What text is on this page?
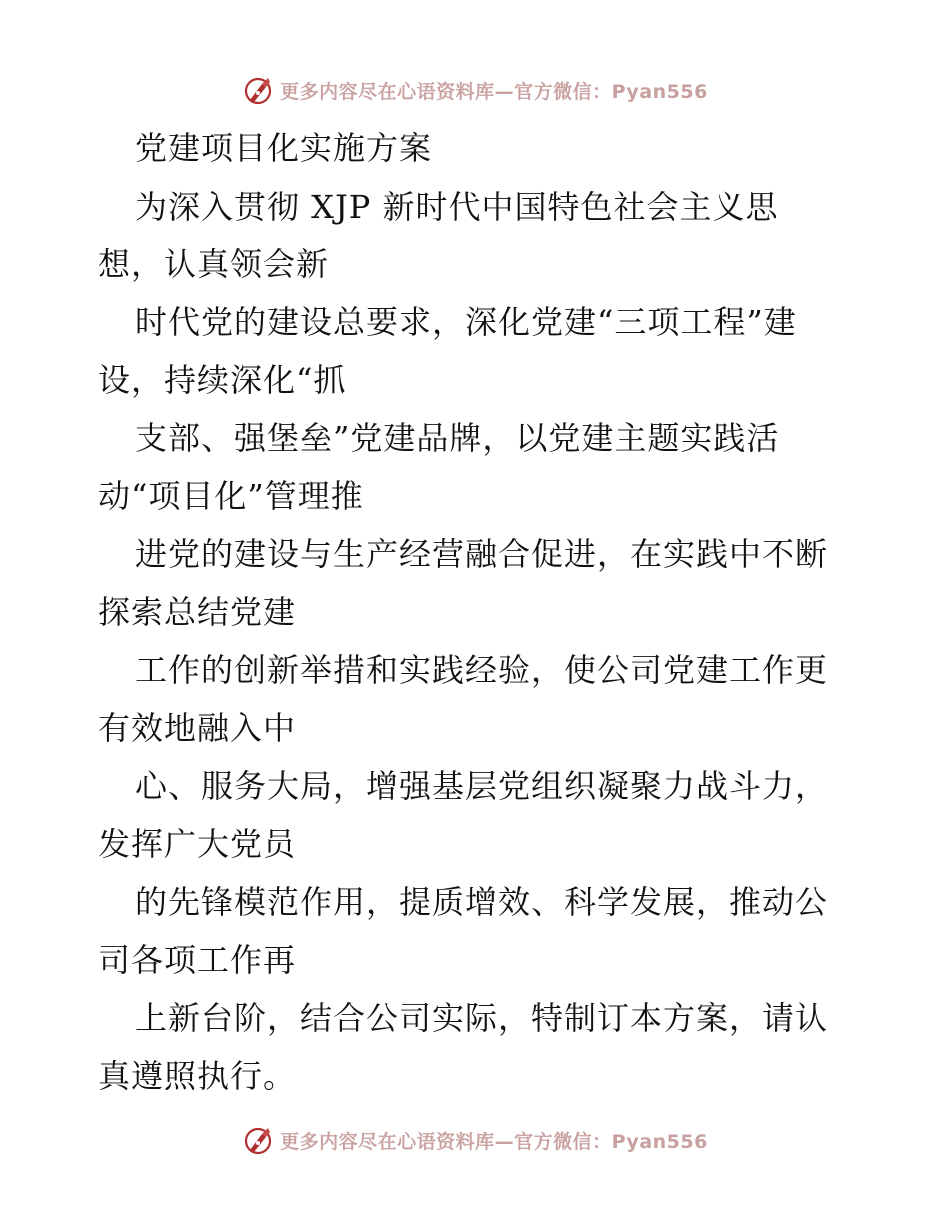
更多内容尽在心语资料库—官方微信：Pyan556
党建项目化实施方案
为深入贯彻 XJP 新时代中国特色社会主义思
想，认真领会新
时代党的建设总要求，深化党建“三项工程”建
设，持续深化“抓
支部、强堡垒”党建品牌，以党建主题实践活
动“项目化”管理推
进党的建设与生产经营融合促进，在实践中不断
探索总结党建
工作的创新举措和实践经验，使公司党建工作更
有效地融入中
心、服务大局，增强基层党组织凝聚力战斗力，
发挥广大党员
的先锋模范作用，提质增效、科学发展，推动公
司各项工作再
上新台阶，结合公司实际，特制订本方案，请认
真遵照执行。
更多内容尽在心语资料库—官方微信：Pyan556
